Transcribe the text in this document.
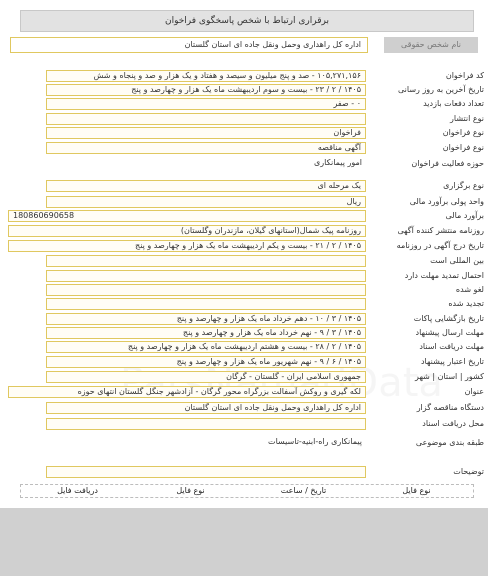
برقراری ارتباط با شخص پاسخگوی فراخوان
نام شخص حقوقی
اداره کل راهداری وحمل ونقل جاده ای استان گلستان
کد فراخوان
۱۰۵,۲۷۱,۱۵۶ - صد و پنج میلیون و سیصد و هفتاد و یک هزار و صد و پنجاه و شش
تاریخ آخرین به روز رسانی
۱۴۰۵ / ۲ / ۲۳ - بیست و سوم اردیبهشت ماه یک هزار و چهارصد و پنج
تعداد دفعات بازدید
۰ - صفر
نوع انتشار
نوع فراخوان
فراخوان
نوع فراخوان
آگهی مناقصه
حوزه فعالیت فراخوان
امور پیمانکاری
نوع برگزاری
یک مرحله ای
واحد پولی برآورد مالی
ریال
برآورد مالی
180860690658
روزنامه منتشر کننده آگهی
روزنامه پیک شمال(استانهای گیلان، مازندران وگلستان)
تاریخ درج آگهی در روزنامه
۱۴۰۵ / ۲ / ۲۱ - بیست و یکم اردیبهشت ماه یک هزار و چهارصد و پنج
بین المللی است
احتمال تمدید مهلت دارد
لغو شده
تجدید شده
تاریخ بازگشایی پاکات
۱۴۰۵ / ۳ / ۱۰ - دهم خرداد ماه یک هزار و چهارصد و پنج
مهلت ارسال پیشنهاد
۱۴۰۵ / ۳ / ۹ - نهم خرداد ماه یک هزار و چهارصد و پنج
مهلت دریافت اسناد
۱۴۰۵ / ۲ / ۲۸ - بیست و هشتم اردیبهشت ماه یک هزار و چهارصد و پنج
تاریخ اعتبار پیشنهاد
۱۴۰۵ / ۶ / ۹ - نهم شهریور ماه یک هزار و چهارصد و پنج
کشور | استان | شهر
جمهوری اسلامی ایران - گلستان - گرگان
عنوان
لکه گیری و روکش آسفالت بزرگراه محور گرگان - آزادشهر جنگل گلستان انتهای حوزه
دستگاه مناقصه گزار
اداره کل راهداری وحمل ونقل جاده ای استان گلستان
محل دریافت اسناد
طبقه بندی موضوعی
پیمانکاری راه-ابنیه-تاسیسات
توضیحات
نوع فایل
تاریخ / ساعت
نوع فایل
دریافت فایل
